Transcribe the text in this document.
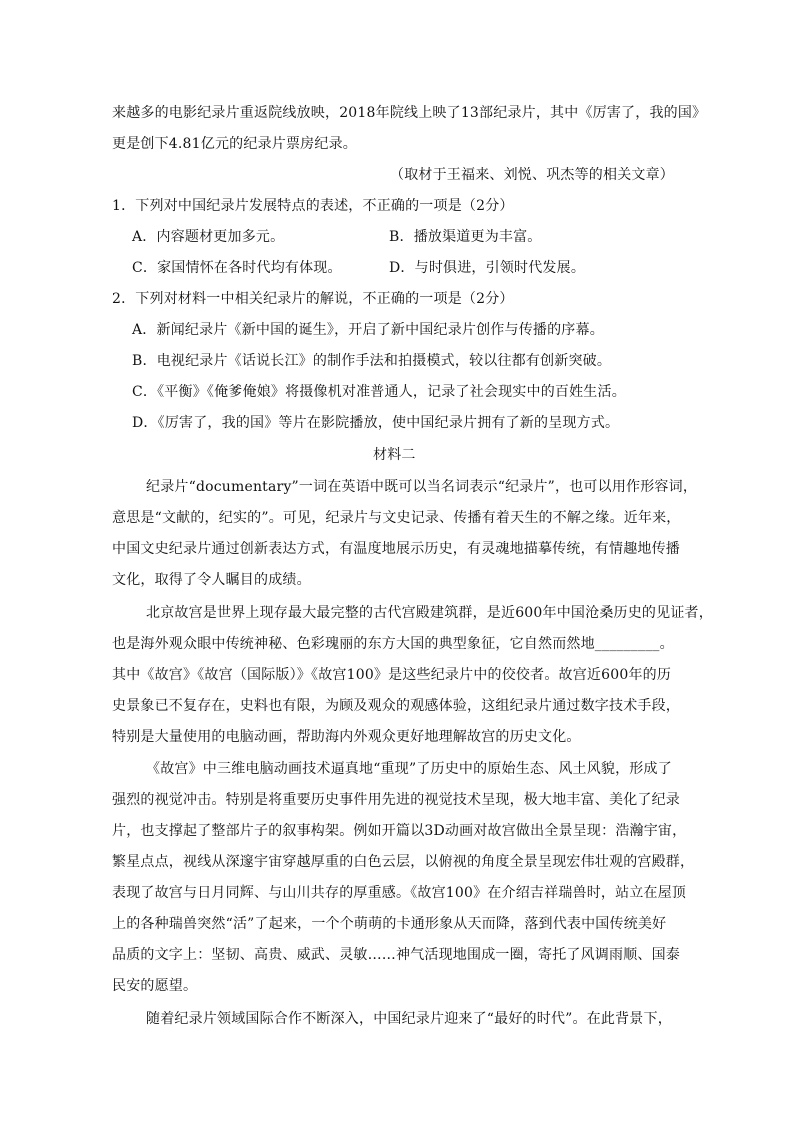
来越多的电影纪录片重返院线放映，2018年院线上映了13部纪录片，其中《厉害了，我的国》
更是创下4.81亿元的纪录片票房纪录。
（取材于王福来、刘悦、巩杰等的相关文章）
1．下列对中国纪录片发展特点的表述，不正确的一项是（2分）
A．内容题材更加多元。	B．播放渠道更为丰富。
C．家国情怀在各时代均有体现。	D．与时俱进，引领时代发展。
2．下列对材料一中相关纪录片的解说，不正确的一项是（2分）
A．新闻纪录片《新中国的诞生》，开启了新中国纪录片创作与传播的序幕。
B．电视纪录片《话说长江》的制作手法和拍摄模式，较以往都有创新突破。
C．《平衡》《俺爹俺娘》将摄像机对准普通人，记录了社会现实中的百姓生活。
D．《厉害了，我的国》等片在影院播放，使中国纪录片拥有了新的呈现方式。
材料二
纪录片“documentary”一词在英语中既可以当名词表示“纪录片”，也可以用作形容词，
意思是“文献的，纪实的”。可见，纪录片与文史记录、传播有着天生的不解之缘。近年来，
中国文史纪录片通过创新表达方式，有温度地展示历史，有灵魂地描摹传统，有情趣地传播
文化，取得了令人瞩目的成绩。
北京故宫是世界上现存最大最完整的古代宫殿建筑群，是近600年中国沧桑历史的见证者，
也是海外观众眼中传统神秘、色彩瑰丽的东方大国的典型象征，它自然而然地_________。
其中《故宫》《故宫（国际版）》《故宫100》是这些纪录片中的佼佼者。故宫近600年的历
史景象已不复存在，史料也有限，为顾及观众的观感体验，这组纪录片通过数字技术手段，
特别是大量使用的电脑动画，帮助海内外观众更好地理解故宫的历史文化。
《故宫》中三维电脑动画技术逼真地“重现”了历史中的原始生态、风土风貌，形成了
强烈的视觉冲击。特别是将重要历史事件用先进的视觉技术呈现，极大地丰富、美化了纪录
片，也支撑起了整部片子的叙事构架。例如开篇以3D动画对故宫做出全景呈现：浩瀚宇宙，
繁星点点，视线从深邃宇宙穿越厚重的白色云层，以俯视的角度全景呈现宏伟壮观的宫殿群，
表现了故宫与日月同辉、与山川共存的厚重感。《故宫100》在介绍吉祥瑞兽时，站立在屋顶
上的各种瑞兽突然“活”了起来，一个个萌萌的卡通形象从天而降，落到代表中国传统美好
品质的文字上：坚韧、高贵、威武、灵敏……神气活现地围成一圈，寄托了风调雨顺、国泰
民安的愿望。
随着纪录片领域国际合作不断深入，中国纪录片迎来了“最好的时代”。在此背景下，
